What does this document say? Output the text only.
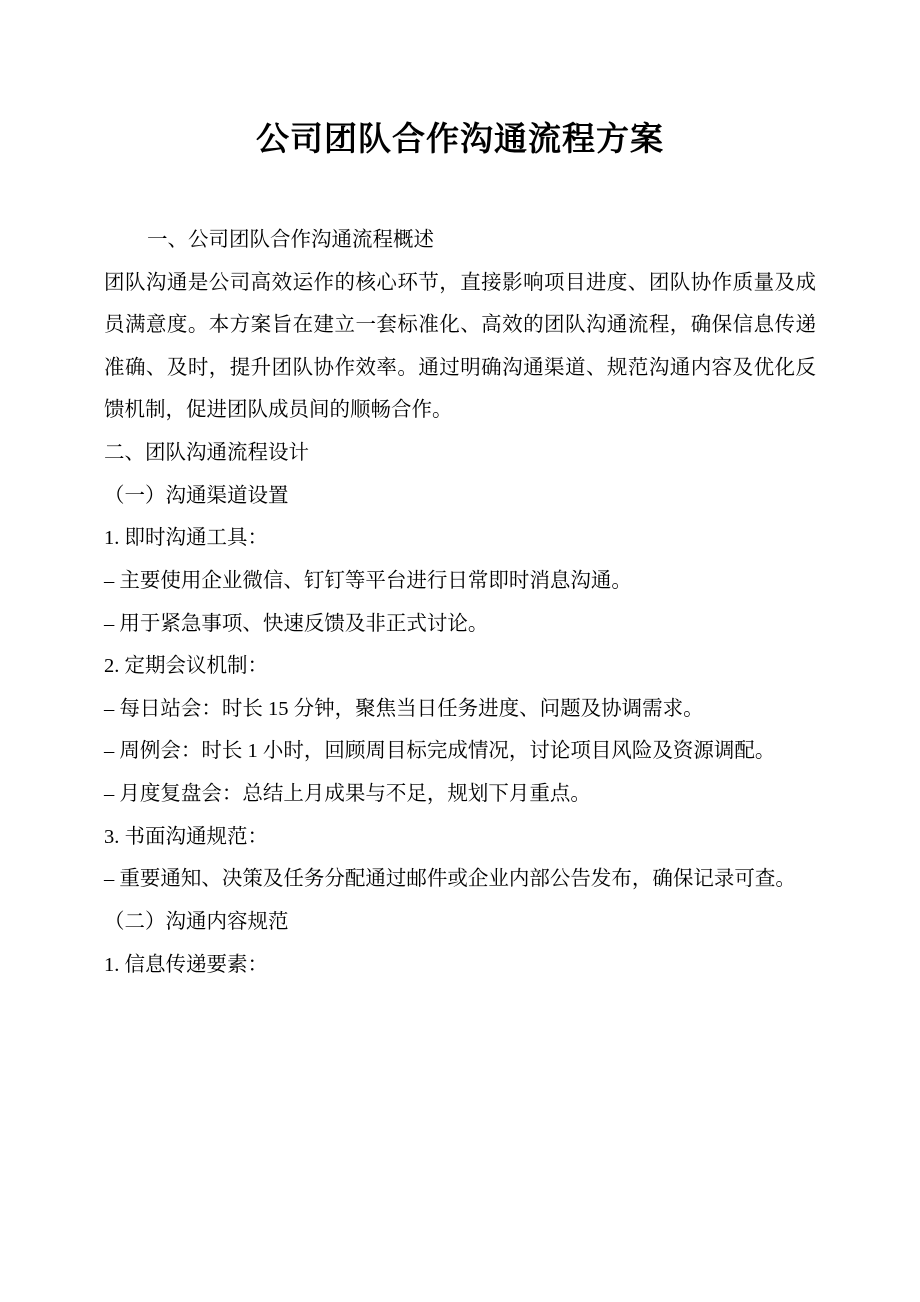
公司团队合作沟通流程方案

一、公司团队合作沟通流程概述

团队沟通是公司高效运作的核心环节，直接影响项目进度、团队协作质量及成员满意度。本方案旨在建立一套标准化、高效的团队沟通流程，确保信息传递准确、及时，提升团队协作效率。通过明确沟通渠道、规范沟通内容及优化反馈机制，促进团队成员间的顺畅合作。

二、团队沟通流程设计

（一）沟通渠道设置

1. 即时沟通工具：

– 主要使用企业微信、钉钉等平台进行日常即时消息沟通。

– 用于紧急事项、快速反馈及非正式讨论。

2. 定期会议机制：

– 每日站会：时长 15 分钟，聚焦当日任务进度、问题及协调需求。

– 周例会：时长 1 小时，回顾周目标完成情况，讨论项目风险及资源调配。

– 月度复盘会：总结上月成果与不足，规划下月重点。

3. 书面沟通规范：

– 重要通知、决策及任务分配通过邮件或企业内部公告发布，确保记录可查。

（二）沟通内容规范

1. 信息传递要素：
